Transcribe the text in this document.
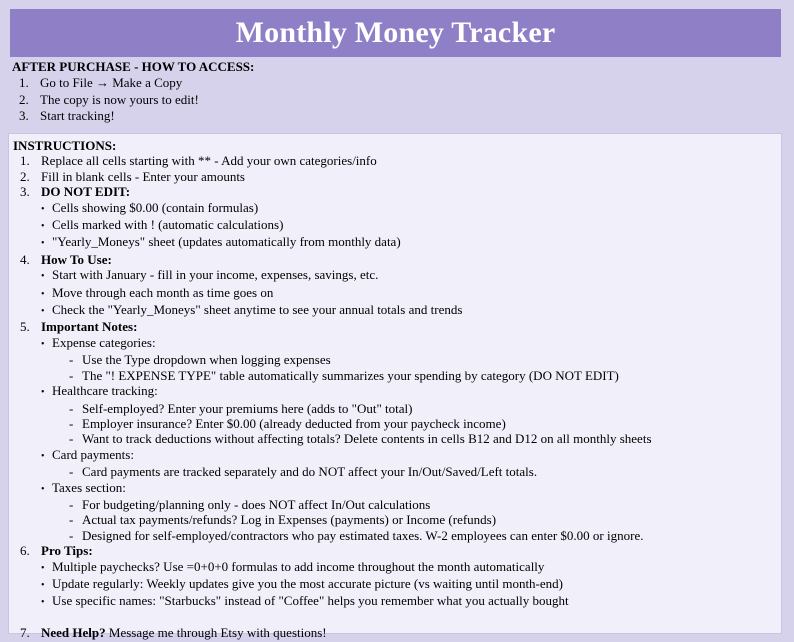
Monthly Money Tracker
AFTER PURCHASE - HOW TO ACCESS:
1. Go to File → Make a Copy
2. The copy is now yours to edit!
3. Start tracking!
INSTRUCTIONS:
1. Replace all cells starting with ** - Add your own categories/info
2. Fill in blank cells - Enter your amounts
3. DO NOT EDIT:
• Cells showing $0.00 (contain formulas)
• Cells marked with ! (automatic calculations)
• "Yearly_Moneys" sheet (updates automatically from monthly data)
4. How To Use:
• Start with January - fill in your income, expenses, savings, etc.
• Move through each month as time goes on
• Check the "Yearly_Moneys" sheet anytime to see your annual totals and trends
5. Important Notes:
• Expense categories:
- Use the Type dropdown when logging expenses
- The "! EXPENSE TYPE" table automatically summarizes your spending by category (DO NOT EDIT)
• Healthcare tracking:
- Self-employed? Enter your premiums here (adds to "Out" total)
- Employer insurance? Enter $0.00 (already deducted from your paycheck income)
- Want to track deductions without affecting totals? Delete contents in cells B12 and D12 on all monthly sheets
• Card payments:
- Card payments are tracked separately and do NOT affect your In/Out/Saved/Left totals.
• Taxes section:
- For budgeting/planning only - does NOT affect In/Out calculations
- Actual tax payments/refunds? Log in Expenses (payments) or Income (refunds)
- Designed for self-employed/contractors who pay estimated taxes. W-2 employees can enter $0.00 or ignore.
6. Pro Tips:
• Multiple paychecks? Use =0+0+0 formulas to add income throughout the month automatically
• Update regularly: Weekly updates give you the most accurate picture (vs waiting until month-end)
• Use specific names: "Starbucks" instead of "Coffee" helps you remember what you actually bought
7. Need Help? Message me through Etsy with questions!
